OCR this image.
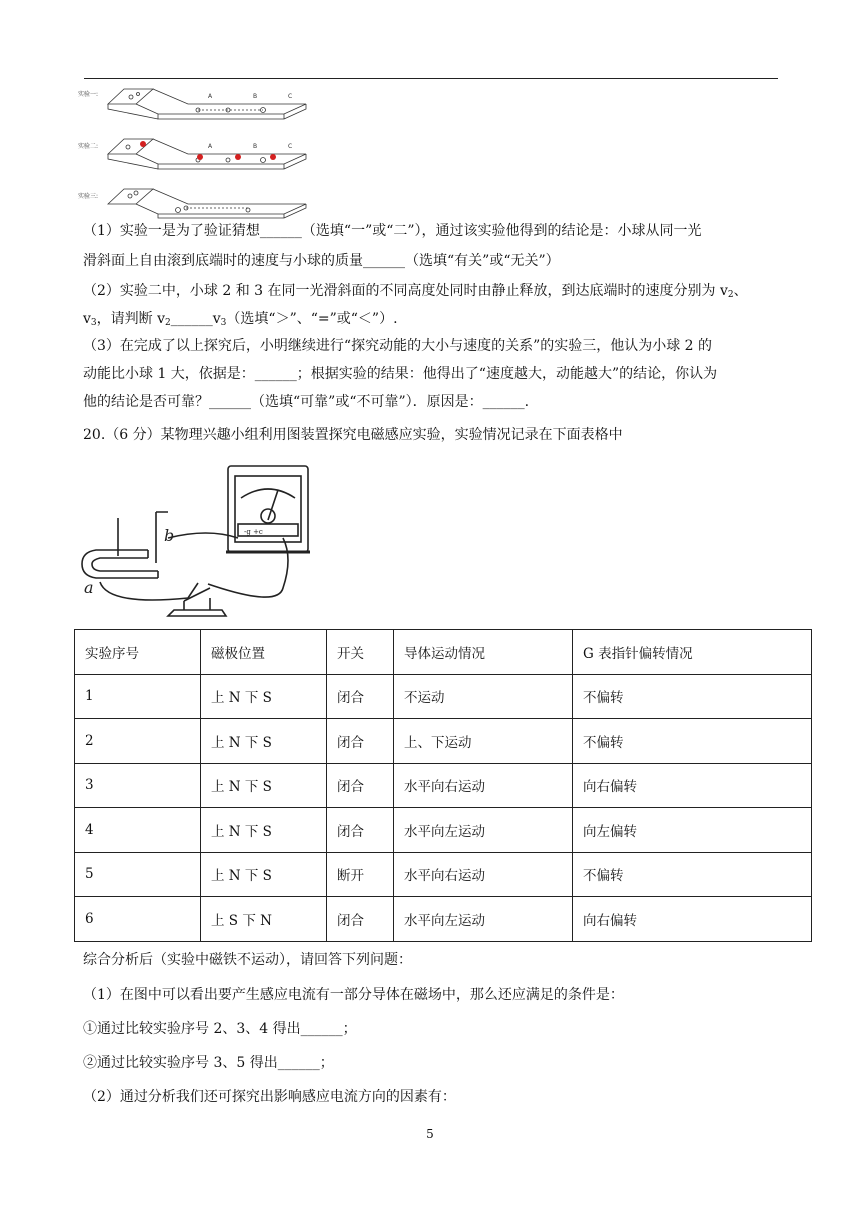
实验一:	A	B	C
实验二:	A	B	C
实验三:
（1）实验一是为了验证猜想______（选填“一”或“二”），通过该实验他得到的结论是：小球从同一光
滑斜面上自由滚到底端时的速度与小球的质量______（选填“有关”或“无关”）
（2）实验二中，小球 2 和 3 在同一光滑斜面的不同高度处同时由静止释放，到达底端时的速度分别为 $v_2$、
$v_3$，请判断 $v_2\_\_\_\_\_\_v_3$（选填“＞”、“=”或“＜”）.
（3）在完成了以上探究后，小明继续进行“探究动能的大小与速度的关系”的实验三，他认为小球 2 的
动能比小球 1 大，依据是：______；根据实验的结果：他得出了“速度越大，动能越大”的结论，你认为
他的结论是否可靠？______（选填“可靠”或“不可靠”）．原因是：______.
20.（6 分）某物理兴趣小组利用图装置探究电磁感应实验，实验情况记录在下面表格中
b
a
-g +c
实验序号	磁极位置	开关	导体运动情况	G 表指针偏转情况
1	上 N 下 S	闭合	不运动	不偏转
2	上 N 下 S	闭合	上、下运动	不偏转
3	上 N 下 S	闭合	水平向右运动	向右偏转
4	上 N 下 S	闭合	水平向左运动	向左偏转
5	上 N 下 S	断开	水平向右运动	不偏转
6	上 S 下 N	闭合	水平向左运动	向右偏转
综合分析后（实验中磁铁不运动），请回答下列问题：
（1）在图中可以看出要产生感应电流有一部分导体在磁场中，那么还应满足的条件是：
①通过比较实验序号 2、3、4 得出______；
②通过比较实验序号 3、5 得出______；
（2）通过分析我们还可探究出影响感应电流方向的因素有：
5
